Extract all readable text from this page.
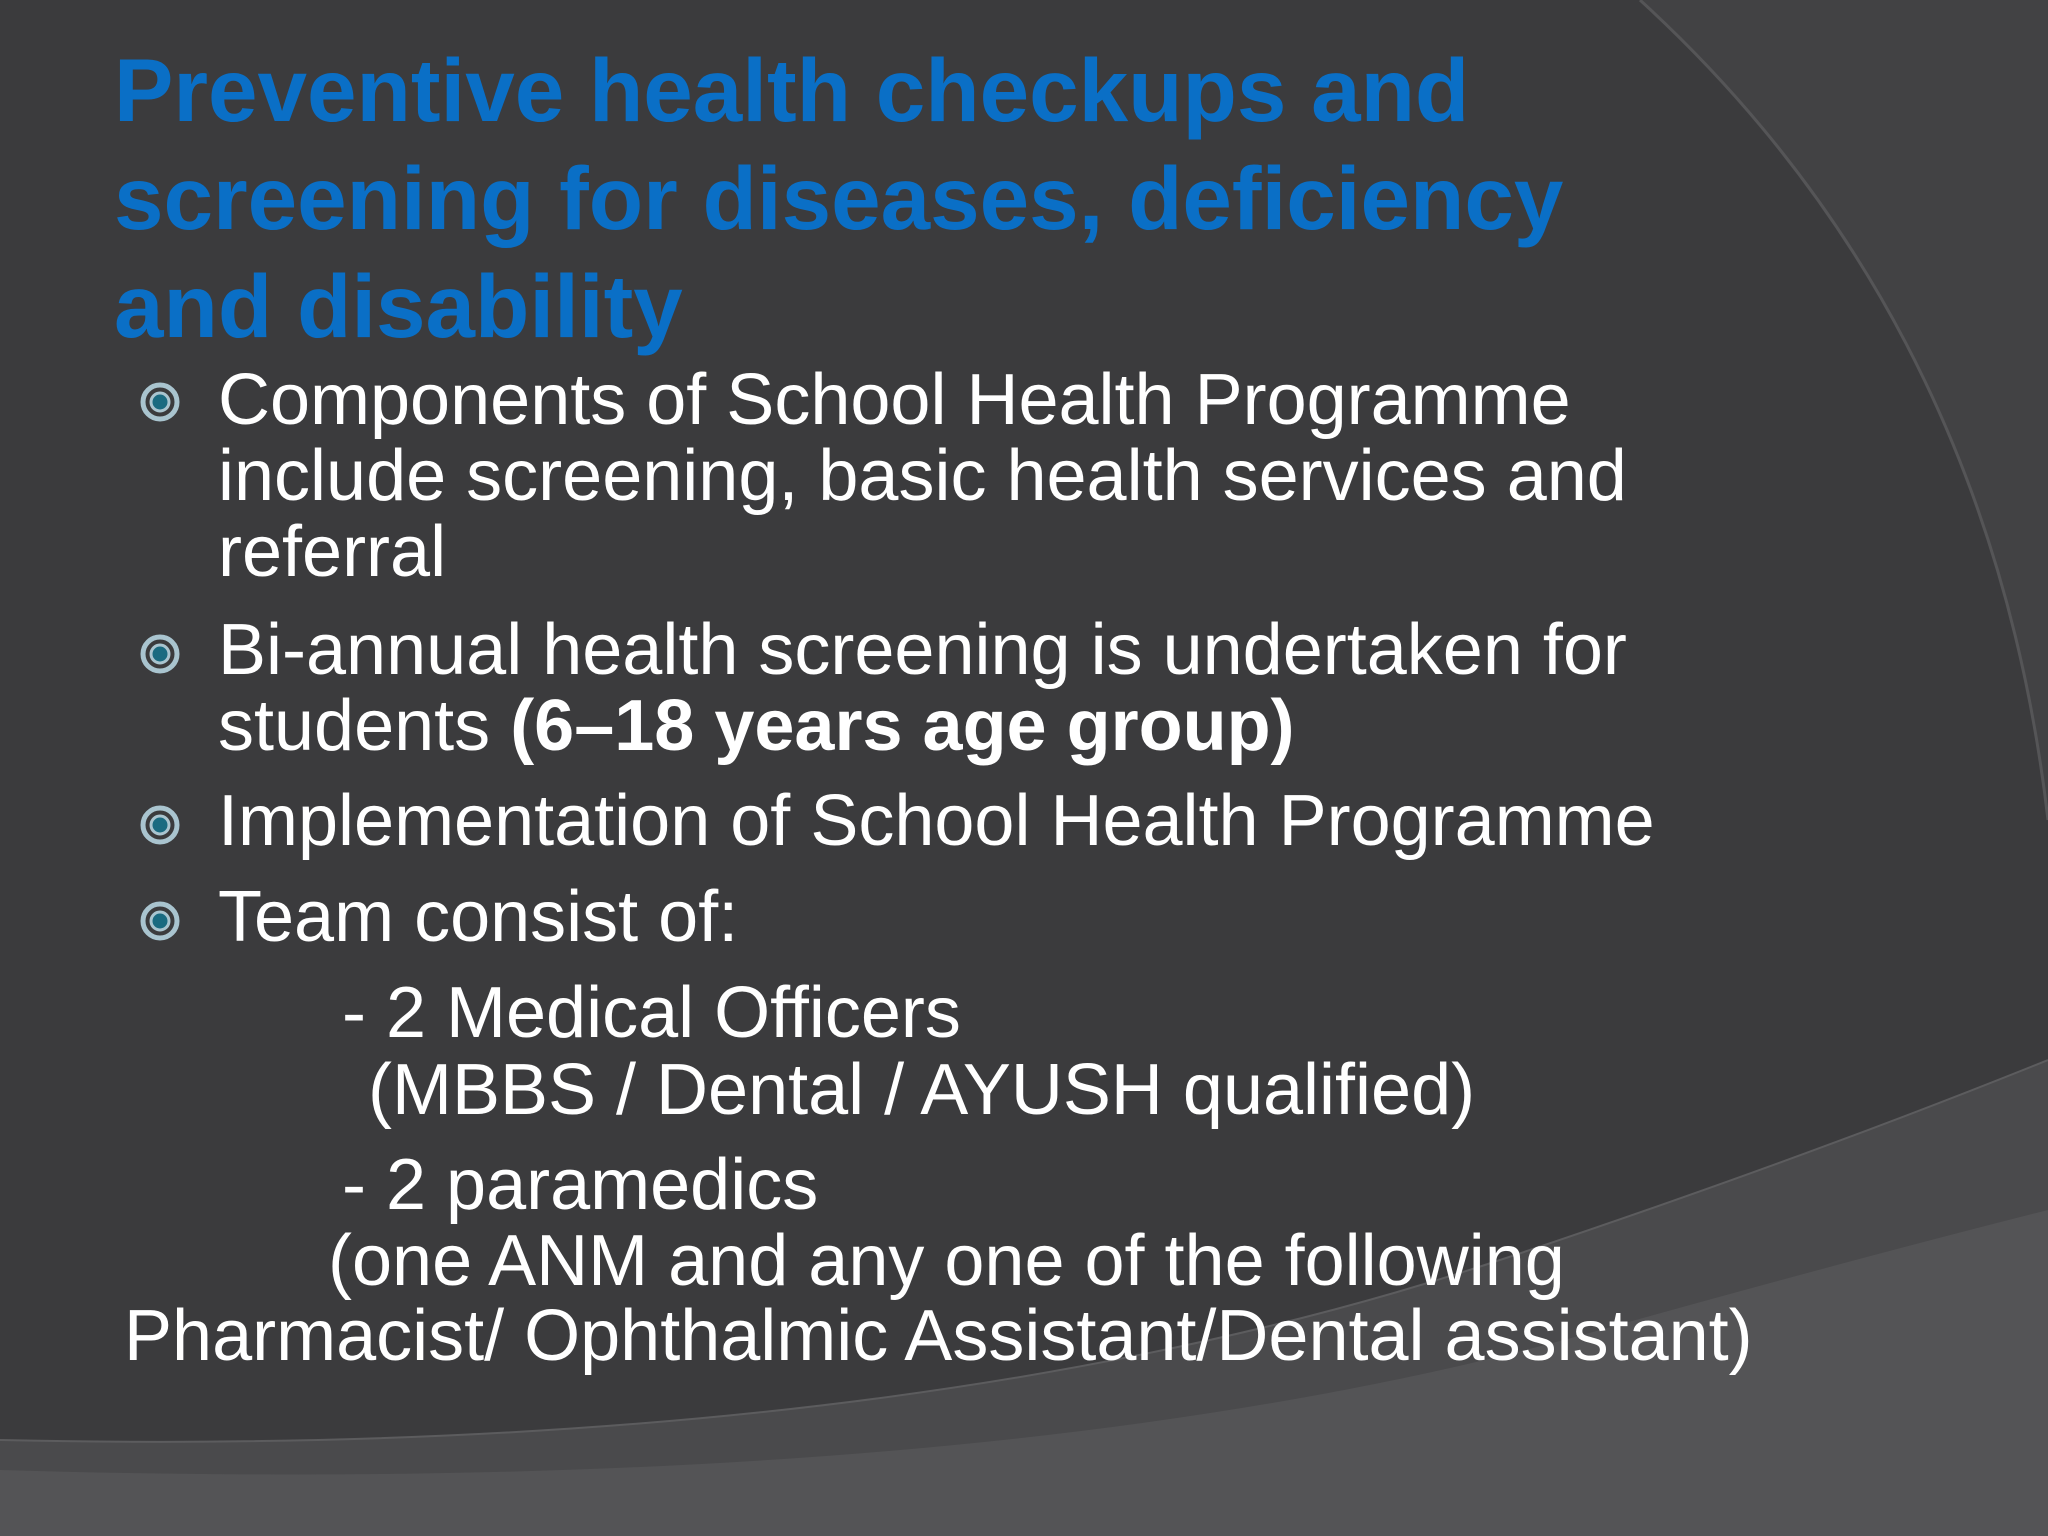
Preventive health checkups and
screening for diseases, deficiency
and disability
Components of School Health Programme
include screening, basic health services and
referral
Bi-annual health screening is undertaken for
students (6–18 years age group)
Implementation of School Health Programme
Team consist of:
- 2 Medical Officers
(MBBS / Dental / AYUSH qualified)
- 2 paramedics
(one ANM and any one of the following
Pharmacist/ Ophthalmic Assistant/Dental assistant)
